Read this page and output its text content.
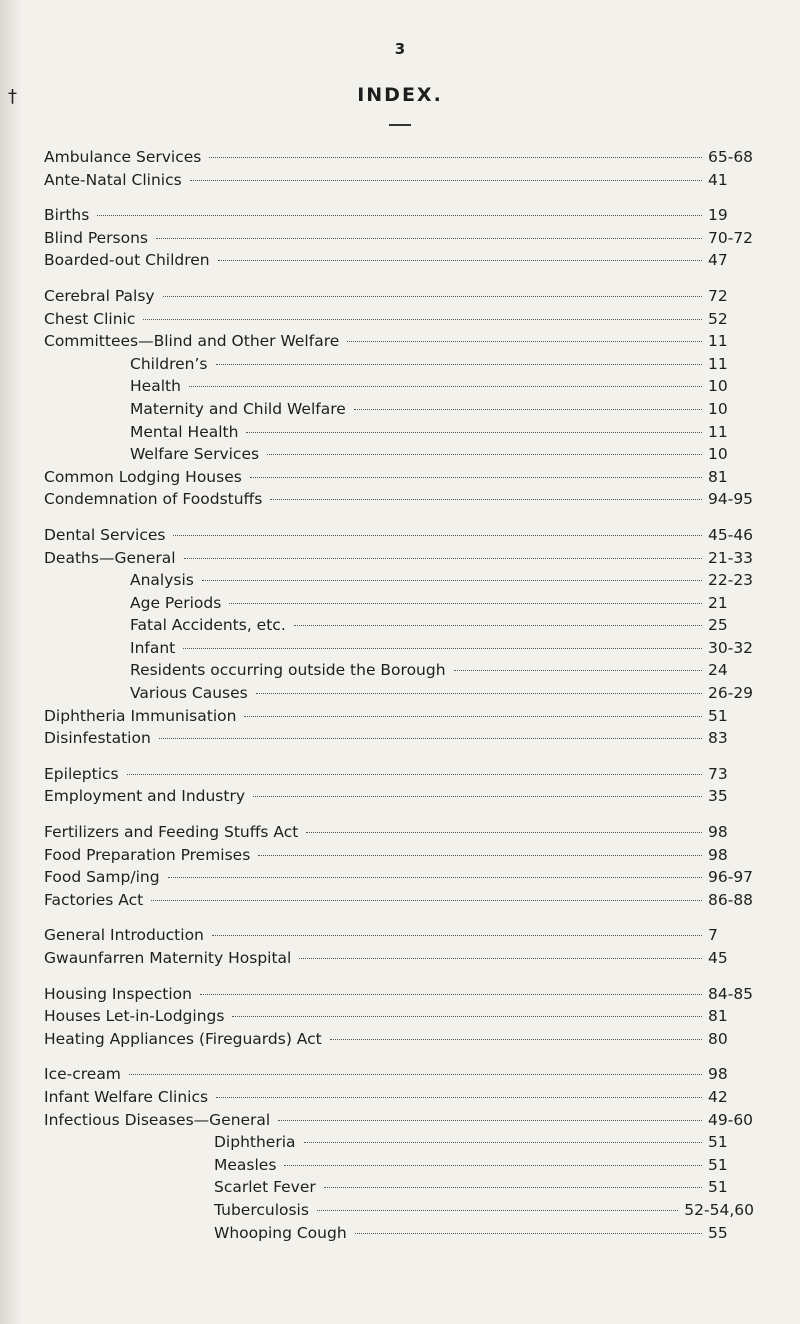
†
3
INDEX.
Ambulance Services	65-68
Ante-Natal Clinics	41
Births	19
Blind Persons	70-72
Boarded-out Children	47
Cerebral Palsy	72
Chest Clinic	52
Committees—Blind and Other Welfare	11
Children’s	11
Health	10
Maternity and Child Welfare	10
Mental Health	11
Welfare Services	10
Common Lodging Houses	81
Condemnation of Foodstuffs	94-95
Dental Services	45-46
Deaths—General	21-33
Analysis	22-23
Age Periods	21
Fatal Accidents, etc.	25
Infant	30-32
Residents occurring outside the Borough	24
Various Causes	26-29
Diphtheria Immunisation	51
Disinfestation	83
Epileptics	73
Employment and Industry	35
Fertilizers and Feeding Stuffs Act	98
Food Preparation Premises	98
Food Samp/ing	96-97
Factories Act	86-88
General Introduction	7
Gwaunfarren Maternity Hospital	45
Housing Inspection	84-85
Houses Let-in-Lodgings	81
Heating Appliances (Fireguards) Act	80
Ice-cream	98
Infant Welfare Clinics	42
Infectious Diseases—General	49-60
Diphtheria	51
Measles	51
Scarlet Fever	51
Tuberculosis	52-54,60
Whooping Cough	55
